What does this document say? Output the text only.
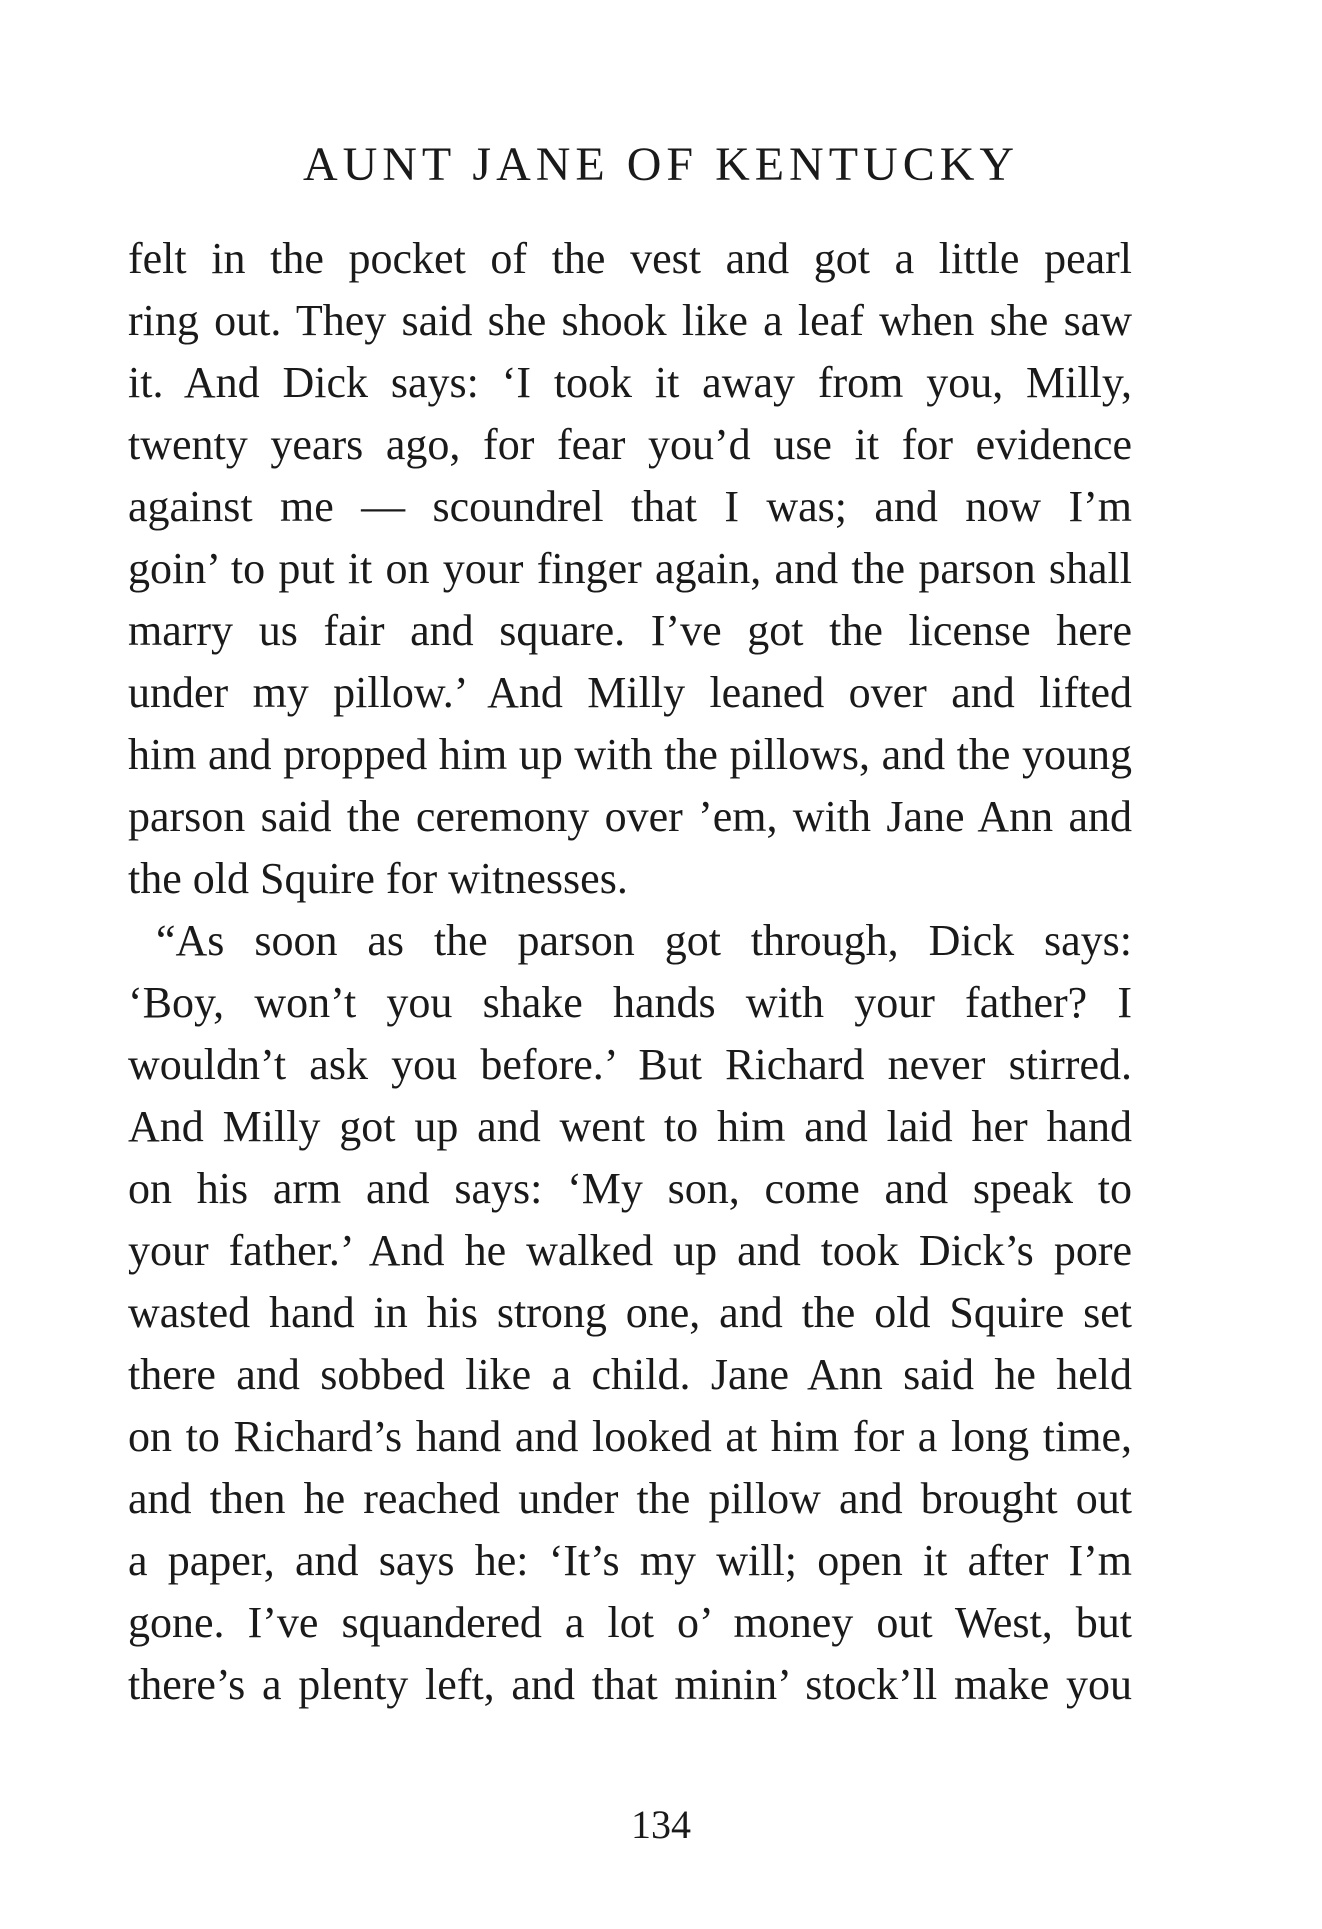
AUNT JANE OF KENTUCKY
felt in the pocket of the vest and got a little pearl
ring out. They said she shook like a leaf when she saw
it. And Dick says: ‘I took it away from you, Milly,
twenty years ago, for fear you’d use it for evidence
against me — scoundrel that I was; and now I’m
goin’ to put it on your finger again, and the parson shall
marry us fair and square. I’ve got the license here
under my pillow.’ And Milly leaned over and lifted
him and propped him up with the pillows, and the young
parson said the ceremony over ’em, with Jane Ann and
the old Squire for witnesses.
“As soon as the parson got through, Dick says:
‘Boy, won’t you shake hands with your father? I
wouldn’t ask you before.’ But Richard never stirred.
And Milly got up and went to him and laid her hand
on his arm and says: ‘My son, come and speak to
your father.’ And he walked up and took Dick’s pore
wasted hand in his strong one, and the old Squire set
there and sobbed like a child. Jane Ann said he held
on to Richard’s hand and looked at him for a long time,
and then he reached under the pillow and brought out
a paper, and says he: ‘It’s my will; open it after I’m
gone. I’ve squandered a lot o’ money out West, but
there’s a plenty left, and that minin’ stock’ll make you
134
